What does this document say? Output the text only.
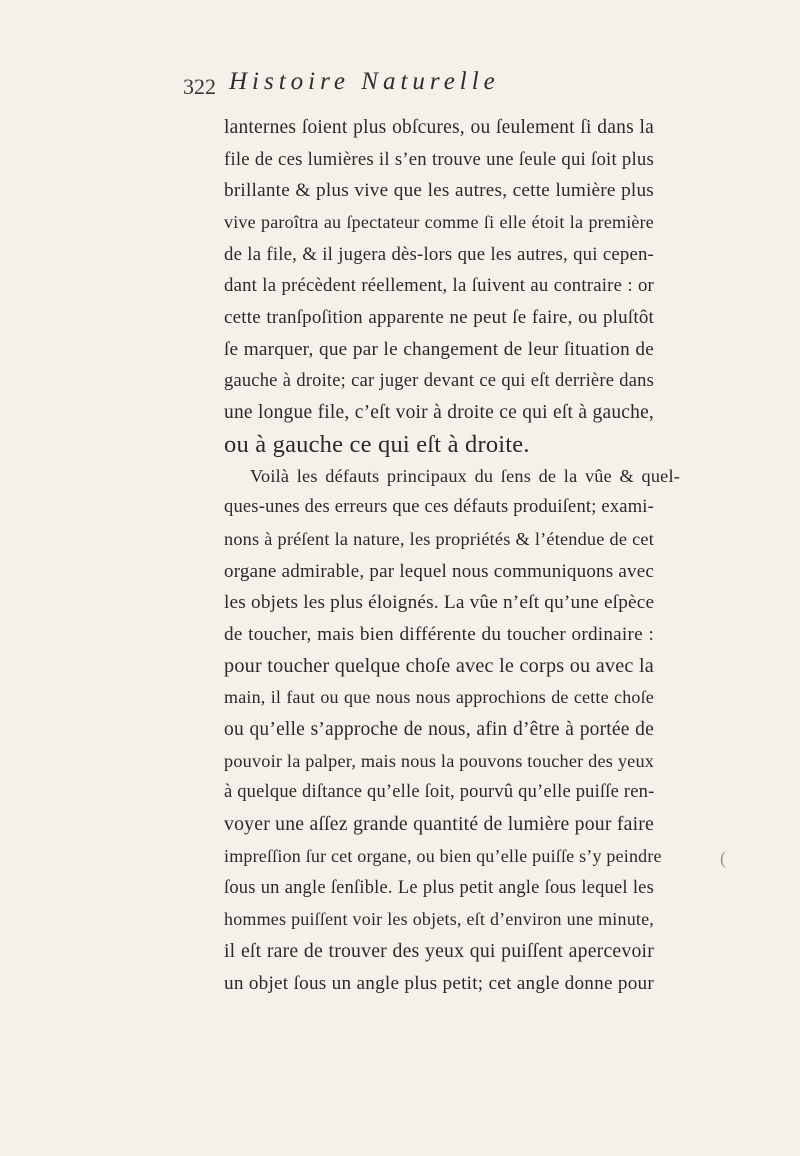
322 Histoire Naturelle
lanternes ſoient plus obſcures, ou ſeulement ſi dans la
file de ces lumières il s’en trouve une ſeule qui ſoit plus
brillante & plus vive que les autres, cette lumière plus
vive paroîtra au ſpectateur comme ſi elle étoit la première
de la file, & il jugera dès-lors que les autres, qui cepen-
dant la précèdent réellement, la ſuivent au contraire : or
cette tranſpoſition apparente ne peut ſe faire, ou pluſtôt
ſe marquer, que par le changement de leur ſituation de
gauche à droite; car juger devant ce qui eſt derrière dans
une longue file, c’eſt voir à droite ce qui eſt à gauche,
ou à gauche ce qui eſt à droite.
Voilà les défauts principaux du ſens de la vûe & quel-
ques-unes des erreurs que ces défauts produiſent; exami-
nons à préſent la nature, les propriétés & l’étendue de cet
organe admirable, par lequel nous communiquons avec
les objets les plus éloignés. La vûe n’eſt qu’une eſpèce
de toucher, mais bien différente du toucher ordinaire :
pour toucher quelque choſe avec le corps ou avec la
main, il faut ou que nous nous approchions de cette choſe
ou qu’elle s’approche de nous, afin d’être à portée de
pouvoir la palper, mais nous la pouvons toucher des yeux
à quelque diſtance qu’elle ſoit, pourvû qu’elle puiſſe ren-
voyer une aſſez grande quantité de lumière pour faire
impreſſion ſur cet organe, ou bien qu’elle puiſſe s’y peindre
ſous un angle ſenſible. Le plus petit angle ſous lequel les
hommes puiſſent voir les objets, eſt d’environ une minute,
il eſt rare de trouver des yeux qui puiſſent apercevoir
un objet ſous un angle plus petit; cet angle donne pour
(
